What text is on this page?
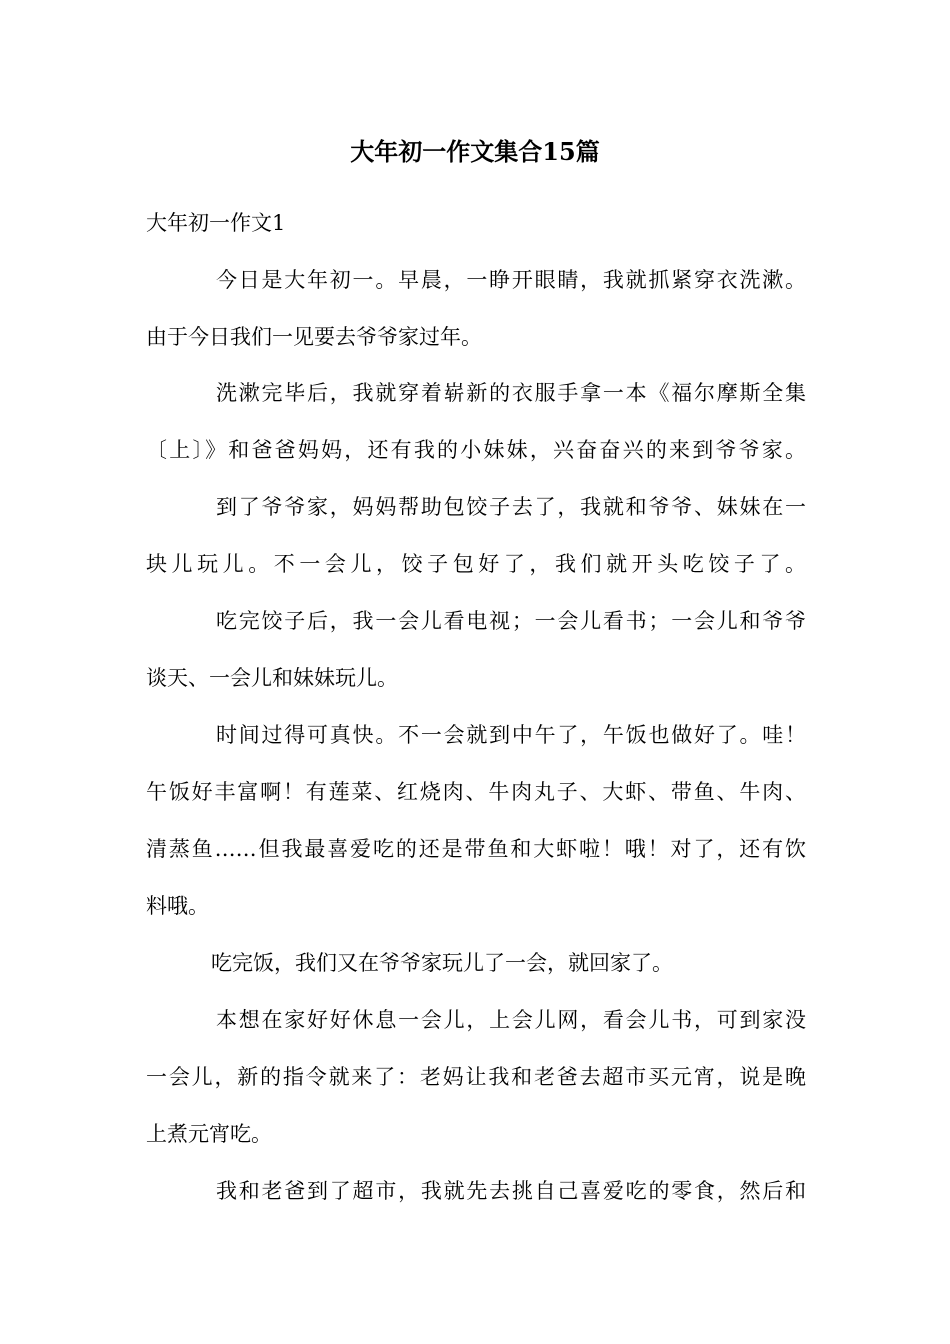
大年初一作文集合15篇
大年初一作文1
今日是大年初一。早晨，一睁开眼睛，我就抓紧穿衣洗漱。
由于今日我们一见要去爷爷家过年。
洗漱完毕后，我就穿着崭新的衣服手拿一本《福尔摩斯全集
〔上〕》和爸爸妈妈，还有我的小妹妹，兴奋奋兴的来到爷爷家。
到了爷爷家，妈妈帮助包饺子去了，我就和爷爷、妹妹在一
块儿玩儿。不一会儿，饺子包好了，我们就开头吃饺子了。
吃完饺子后，我一会儿看电视；一会儿看书；一会儿和爷爷
谈天、一会儿和妹妹玩儿。
时间过得可真快。不一会就到中午了，午饭也做好了。哇！
午饭好丰富啊！有莲菜、红烧肉、牛肉丸子、大虾、带鱼、牛肉、
清蒸鱼……但我最喜爱吃的还是带鱼和大虾啦！哦！对了，还有饮
料哦。
吃完饭，我们又在爷爷家玩儿了一会，就回家了。
本想在家好好休息一会儿，上会儿网，看会儿书，可到家没
一会儿，新的指令就来了：老妈让我和老爸去超市买元宵，说是晚
上煮元宵吃。
我和老爸到了超市，我就先去挑自己喜爱吃的零食，然后和
